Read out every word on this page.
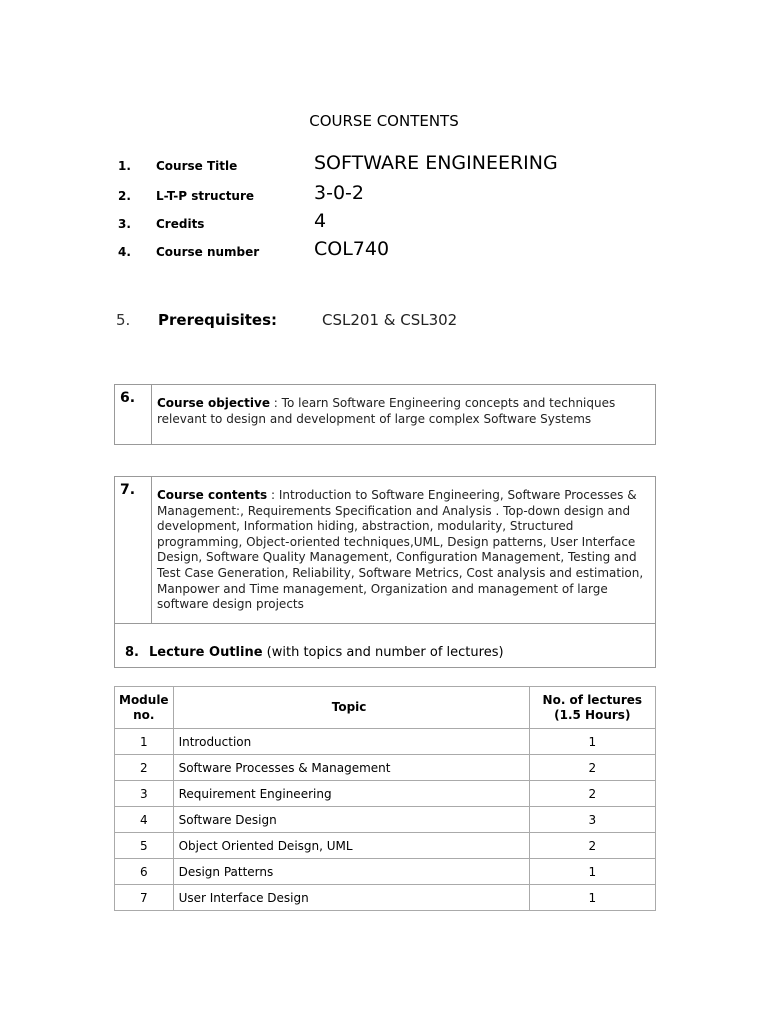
COURSE CONTENTS
1. Course Title	SOFTWARE ENGINEERING
2. L-T-P structure	3-0-2
3. Credits	4
4. Course number	COL740
5. Prerequisites:	CSL201 & CSL302
6. Course objective : To learn Software Engineering concepts and techniques relevant to design and development of large complex Software Systems
7. Course contents : Introduction to Software Engineering, Software Processes & Management:, Requirements Specification and Analysis . Top-down design and development, Information hiding, abstraction, modularity, Structured programming, Object-oriented techniques,UML, Design patterns, User Interface Design, Software Quality Management, Configuration Management, Testing and Test Case Generation, Reliability, Software Metrics, Cost analysis and estimation, Manpower and Time management, Organization and management of large software design projects
8. Lecture Outline (with topics and number of lectures)
Module no.	Topic	No. of lectures (1.5 Hours)
1	Introduction	1
2	Software Processes & Management	2
3	Requirement Engineering	2
4	Software Design	3
5	Object Oriented Deisgn, UML	2
6	Design Patterns	1
7	User Interface Design	1
